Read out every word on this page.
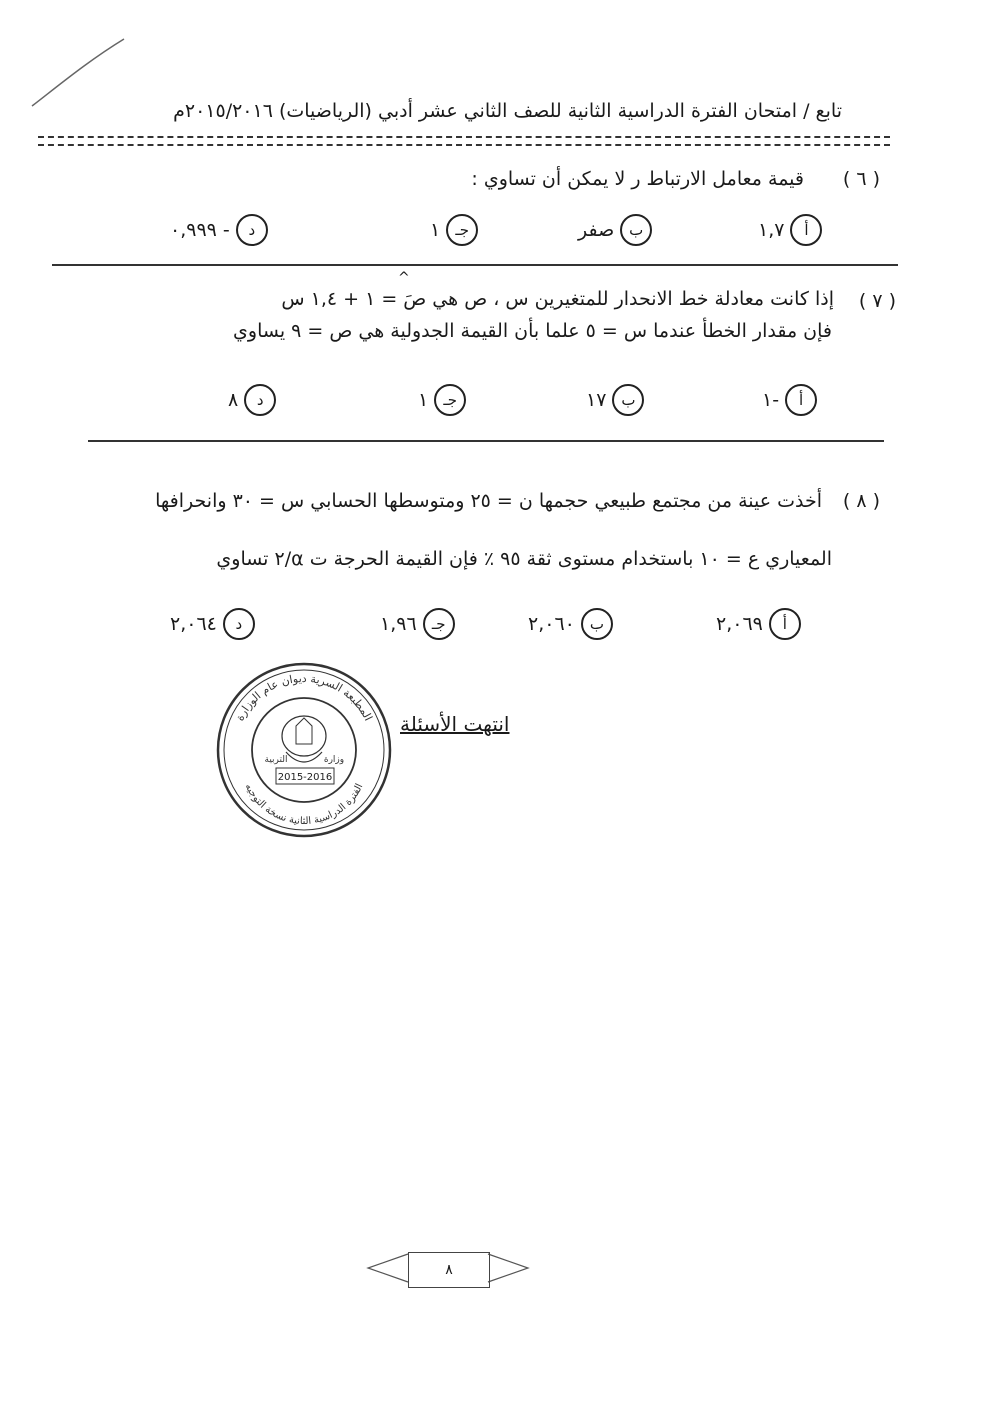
تابع / امتحان الفترة الدراسية الثانية للصف الثاني عشر أدبي (الرياضيات) ٢٠١٥/٢٠١٦م
( ٦ )
قيمة معامل الارتباط ر لا يمكن أن تساوي :
أ
١,٧
ب
صفر
جـ
١
د
- ٠,٩٩٩
( ٧ )
إذا كانت معادلة خط الانحدار للمتغيرين س ، ص هي صَ = ١ + ١,٤ س
^
فإن مقدار الخطأ عندما س = ٥ علما بأن القيمة الجدولية هي ص = ٩ يساوي
أ
-١
ب
١٧
جـ
١
د
٨
( ٨ )
أخذت عينة من مجتمع طبيعي حجمها ن = ٢٥ ومتوسطها الحسابي س = ٣٠ وانحرافها
المعياري ع = ١٠ باستخدام مستوى ثقة ٩٥ ٪ فإن القيمة الحرجة ت α/٢ تساوي
أ
٢,٠٦٩
ب
٢,٠٦٠
جـ
١,٩٦
د
٢,٠٦٤
المطبعة السرية ديوان عام الوزارة
الفترة الدراسية الثانية نسخة التوجيه
التربية	وزارة
2015-2016
انتهت الأسئلة
٨
